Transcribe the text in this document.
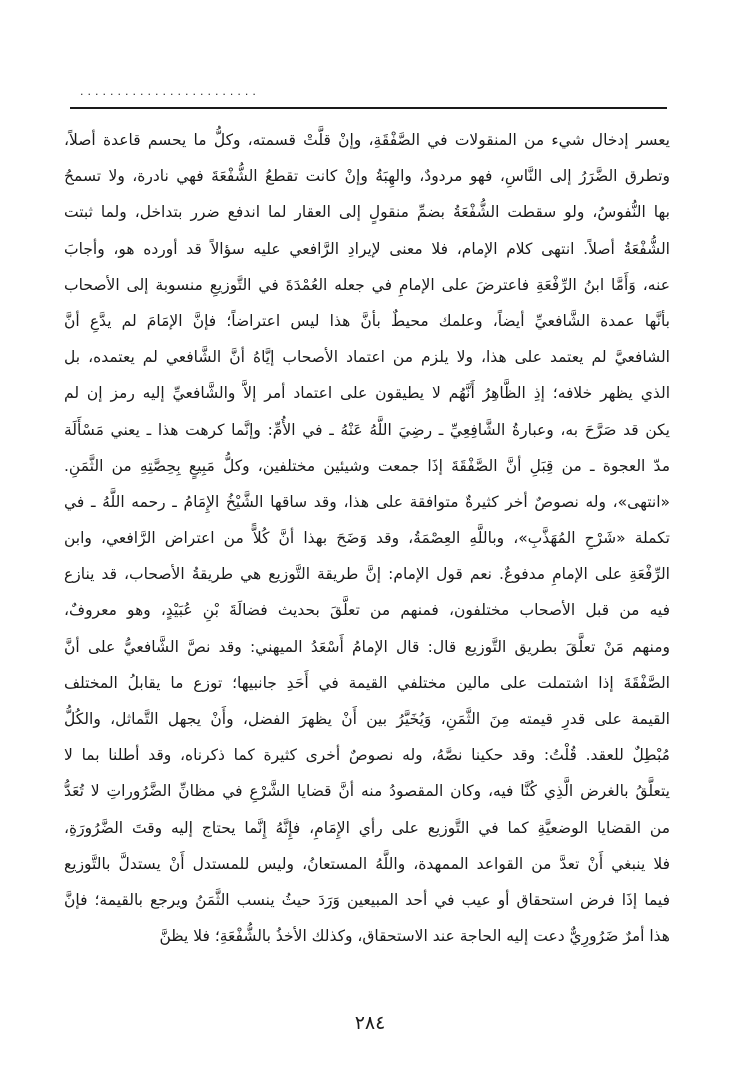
........................

يعسر إدخال شيء من المنقولات في الصَّفْقَةِ، وإنْ قلَّتْ قسمته، وكلُّ ما يحسم قاعدة أصلاً،

وتطرق الضَّرَرُ إلى النَّاسِ، فهو مردودٌ، والهِبَةُ وإنْ كانت تقطعُ الشُّفْعَةَ فهي نادرة، ولا تسمحُ

بها النُّفوسُ، ولو سقطت الشُّفْعَةُ بضمِّ منقولٍ إلى العقار لما اندفع ضرر بتداخل، ولما ثبتت

الشُّفْعَةُ أصلاً. انتهى كلام الإمام، فلا معنى لإيرادِ الرَّافعي عليه سؤالاً قد أورده هو، وأجابَ

عنه، وَأَمَّا ابنُ الرِّفْعَةِ فاعترضَ على الإمامِ في جعله العُمْدَةَ في التَّوزيعِ منسوبة إلى الأصحاب

بأنَّها عمدة الشَّافعيِّ أيضاً، وعلمك محيطٌ بأنَّ هذا ليس اعتراضاً؛ فإنَّ الإمَامَ لم يدَّعِ أنَّ

الشافعيَّ لم يعتمد على هذا، ولا يلزم من اعتماد الأصحاب إيَّاهُ أنَّ الشَّافعي لم يعتمده، بل

الذي يظهر خلافه؛ إذِ الظَّاهِرُ أَنَّهُم لا يطيقون على اعتماد أمر إلاَّ والشَّافعيِّ إليه رمز إن لم

يكن قد صَرَّحَ به، وعبارةُ الشَّافِعِيِّ ـ رضِيَ اللَّهُ عَنْهُ ـ في الأُمِّ: وإنَّما كرهت هذا ـ يعني مَسْأَلَة

مدّ العجوة ـ من قِبَلِ أنَّ الصَّفْقَةَ إذَا جمعت وشيئين مختلفين، وكلُّ مَبِيعٍ بِحِصَّتِهِ من الثَّمَنِ.

«انتهى»، وله نصوصٌ أخر كثيرةٌ متوافقة على هذا، وقد ساقها الشَّيْخُ الإِمَامُ ـ رحمه اللَّهُ ـ في

تكملة «شَرْحِ المُهَذَّبِ»، وباللَّهِ العِصْمَةُ، وقد وَضَحَ بهذا أنَّ كُلاًّ من اعتراض الرَّافعي، وابن

الرِّفْعَةِ على الإمامِ مدفوعٌ. نعم قول الإمام: إنَّ طريقة التَّوزيع هي طريقةُ الأصحاب، قد ينازع

فيه من قبل الأصحاب مختلفون، فمنهم من تعلَّقَ بحديث فضالَةَ بْنِ عُبَيْدٍ، وهو معروفٌ،

ومنهم مَنْ تعلَّقَ بطريق التَّوزيع قال: قال الإمامُ أَسْعَدُ الميهني: وقد نصَّ الشَّافعيُّ على أنَّ

الصَّفْقَةَ إذا اشتملت على مالين مختلفي القيمة في أَحَدِ جانبيها؛ توزع ما يقابلُ المختلف

القيمة على قدرِ قيمته مِنَ الثَّمَنِ، وَيُخَيَّرُ بين أَنْ يظهرَ الفضل، وأَنْ يجهل التَّماثل، والكُلُّ

مُبْطِلٌ للعقد. قُلْتُ: وقد حكينا نصَّهُ، وله نصوصٌ أخرى كثيرة كما ذكرناه، وقد أطلنا بما لا

يتعلَّقُ بالغرض الَّذِي كُنَّا فيه، وكان المقصودُ منه أنَّ قضايا الشَّرْعِ في مظانِّ الضَّرُوراتِ لا تُعَدُّ

من القضايا الوضعيَّةِ كما في التَّوزيع على رأي الإِمَامِ، فإِنَّهُ إِنَّما يحتاج إليه وقتَ الضَّرُورَةِ،

فلا ينبغي أَنْ تعدَّ من القواعد الممهدة، واللَّهُ المستعانُ، وليس للمستدل أَنْ يستدلَّ بالتَّوزيع

فيما إذَا فرض استحقاق أو عيب في أحد المبيعين وَرَدَ حيثُ ينسب الثَّمَنُ ويرجع بالقيمة؛ فإنَّ

هذا أمرٌ ضَرُورِيٌّ دعت إليه الحاجة عند الاستحقاق، وكذلك الأخذُ بالشُّفْعَةِ؛ فلا يظنَّ

٢٨٤
